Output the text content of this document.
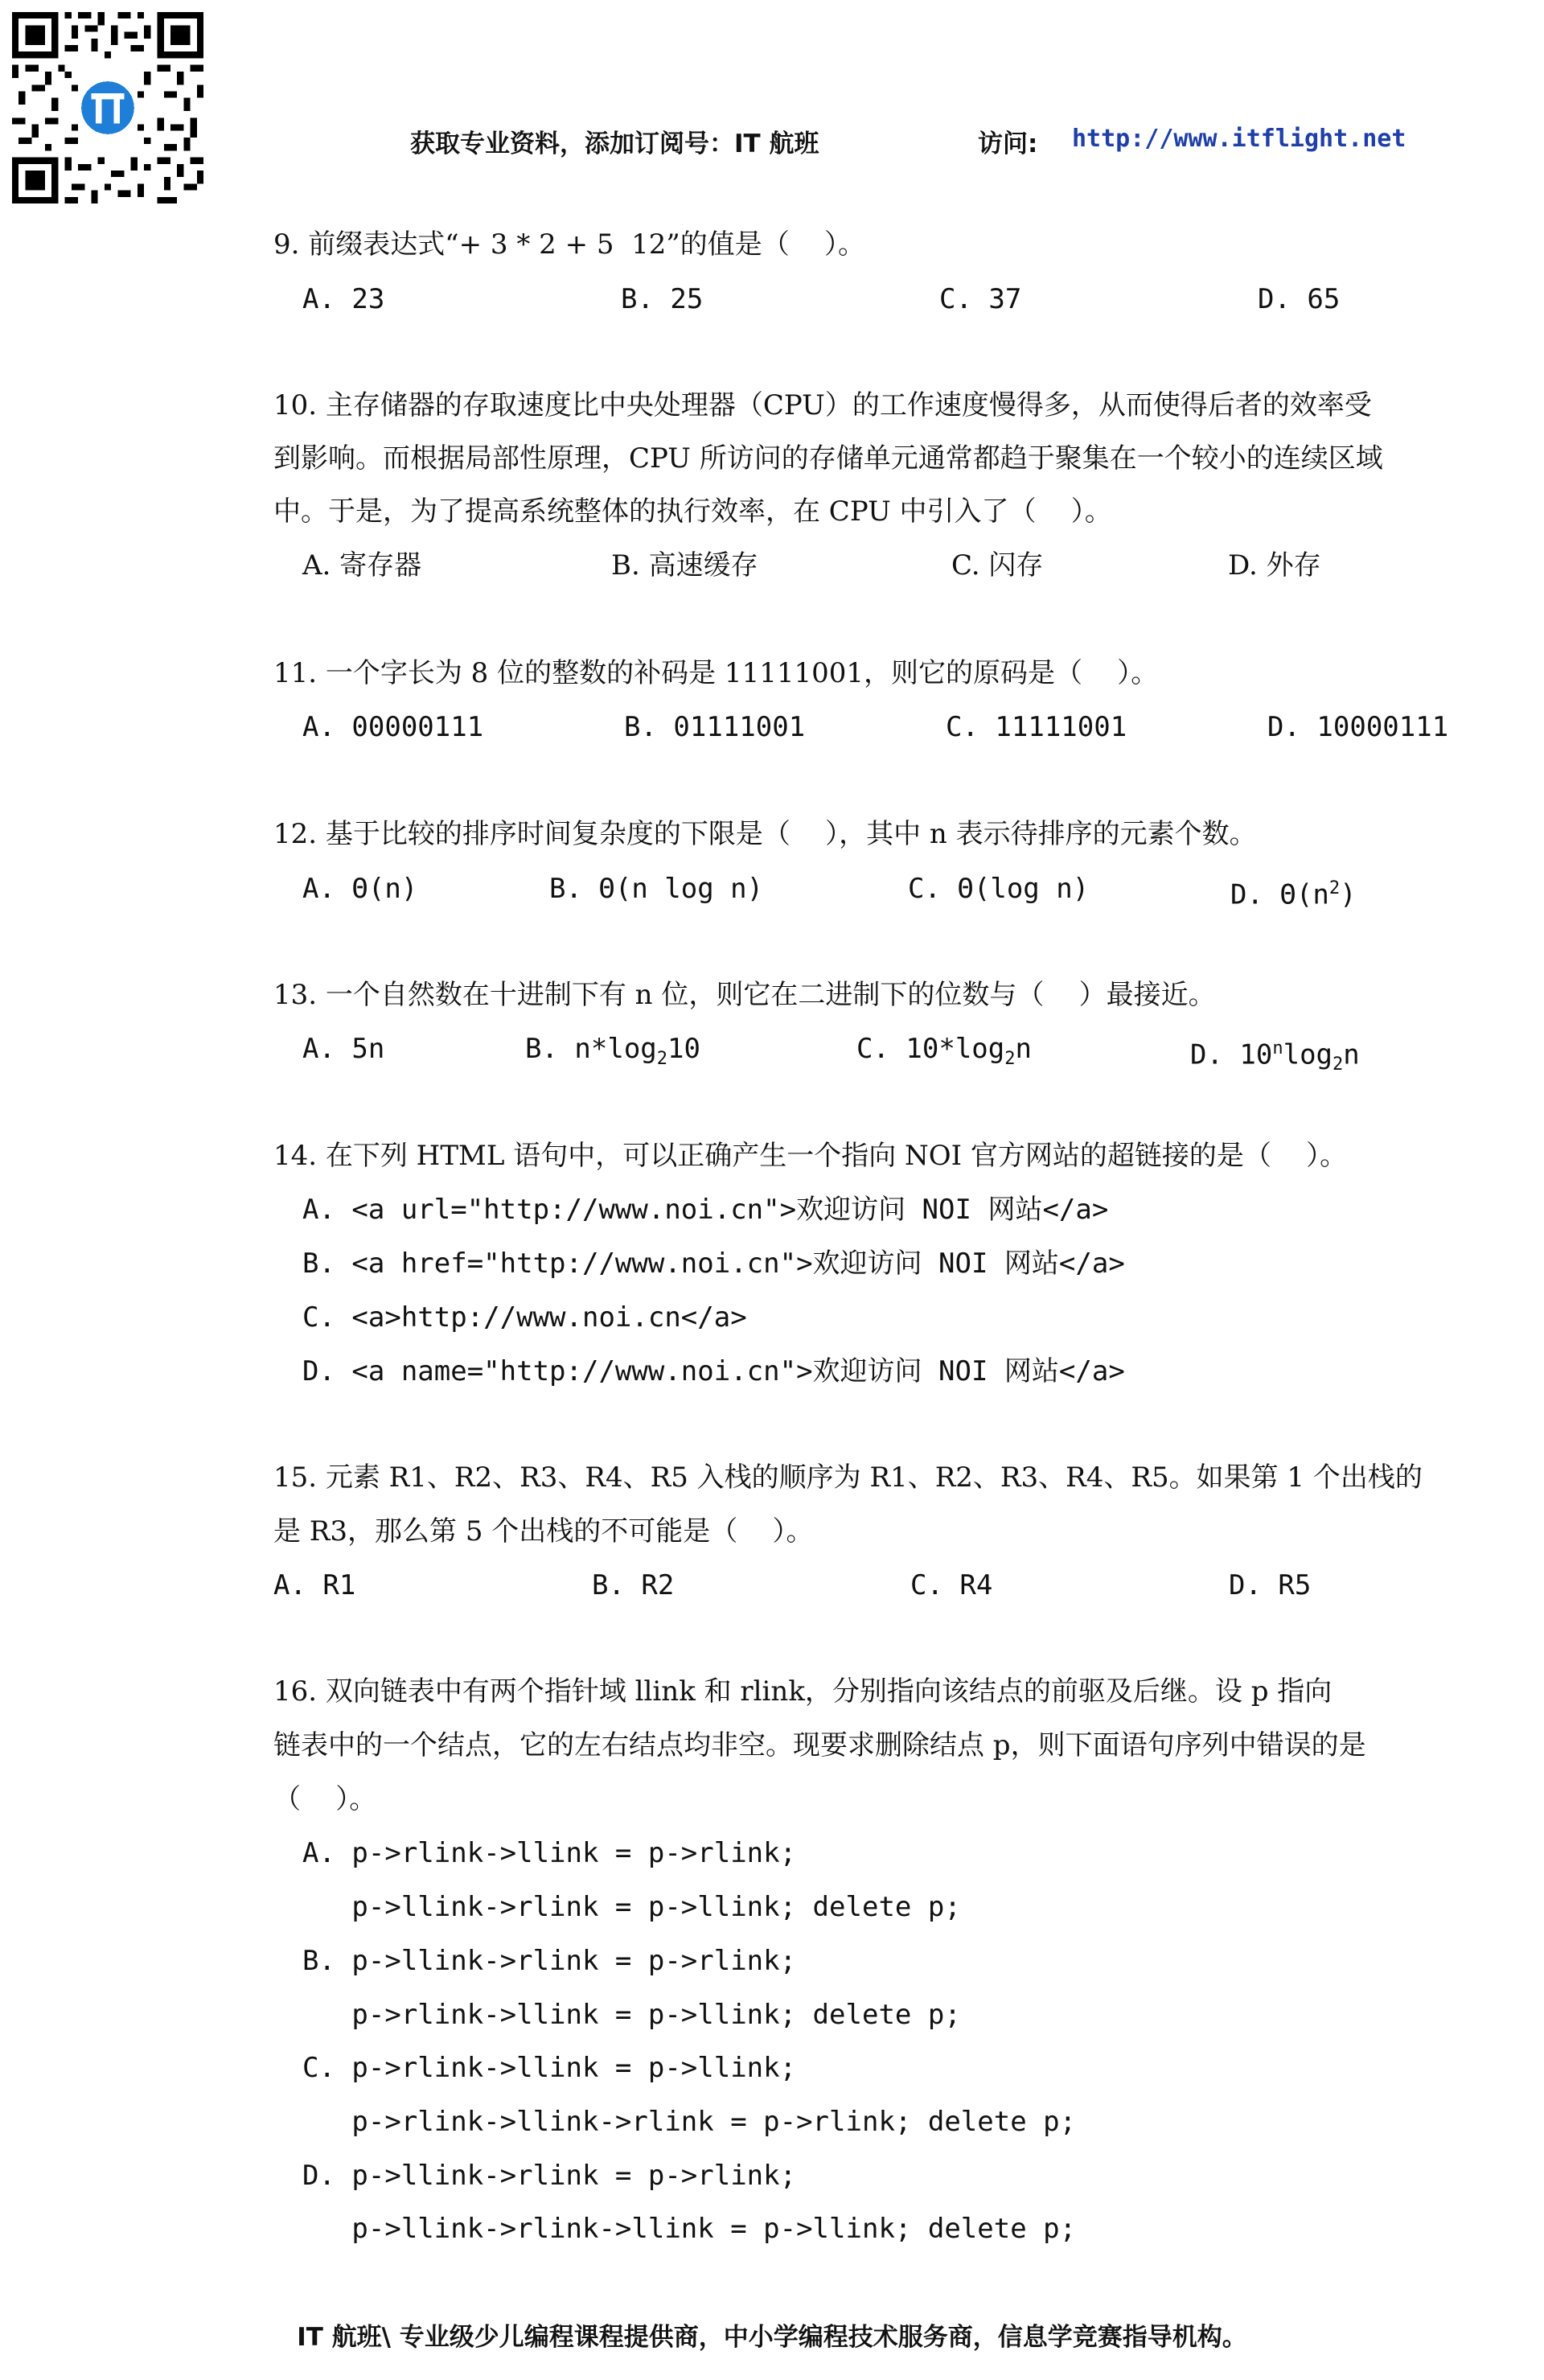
获取专业资料，添加订阅号：IT 航班	访问: http://www.itflight.net
9. 前缀表达式“+ 3 * 2 + 5  12”的值是（    ）。
A. 23	B. 25	C. 37	D. 65
10. 主存储器的存取速度比中央处理器（CPU）的工作速度慢得多，从而使得后者的效率受
到影响。而根据局部性原理，CPU 所访问的存储单元通常都趋于聚集在一个较小的连续区域
中。于是，为了提高系统整体的执行效率，在 CPU 中引入了（    ）。
A. 寄存器	B. 高速缓存	C. 闪存	D. 外存
11. 一个字长为 8 位的整数的补码是 11111001，则它的原码是（    ）。
A. 00000111	B. 01111001	C. 11111001	D. 10000111
12. 基于比较的排序时间复杂度的下限是（    ），其中 n 表示待排序的元素个数。
A. Θ(n)	B. Θ(n log n)	C. Θ(log n)	D. $\Theta(n^2)$
13. 一个自然数在十进制下有 n 位，则它在二进制下的位数与（    ）最接近。
A. 5n	B. $n*\log_210$	C. $10*\log_2n$	D. $10^n\log_2n$
14. 在下列 HTML 语句中，可以正确产生一个指向 NOI 官方网站的超链接的是（    ）。
A. <a url="http://www.noi.cn">欢迎访问 NOI 网站</a>
B. <a href="http://www.noi.cn">欢迎访问 NOI 网站</a>
C. <a>http://www.noi.cn</a>
D. <a name="http://www.noi.cn">欢迎访问 NOI 网站</a>
15. 元素 R1、R2、R3、R4、R5 入栈的顺序为 R1、R2、R3、R4、R5。如果第 1 个出栈的
是 R3，那么第 5 个出栈的不可能是（    ）。
A. R1	B. R2	C. R4	D. R5
16. 双向链表中有两个指针域 llink 和 rlink，分别指向该结点的前驱及后继。设 p 指向
链表中的一个结点，它的左右结点均非空。现要求删除结点 p，则下面语句序列中错误的是
（    ）。
A. p->rlink->llink = p->rlink;
p->llink->rlink = p->llink; delete p;
B. p->llink->rlink = p->rlink;
p->rlink->llink = p->llink; delete p;
C. p->rlink->llink = p->llink;
p->rlink->llink->rlink = p->rlink; delete p;
D. p->llink->rlink = p->rlink;
p->llink->rlink->llink = p->llink; delete p;
IT 航班\ 专业级少儿编程课程提供商，中小学编程技术服务商，信息学竞赛指导机构。
